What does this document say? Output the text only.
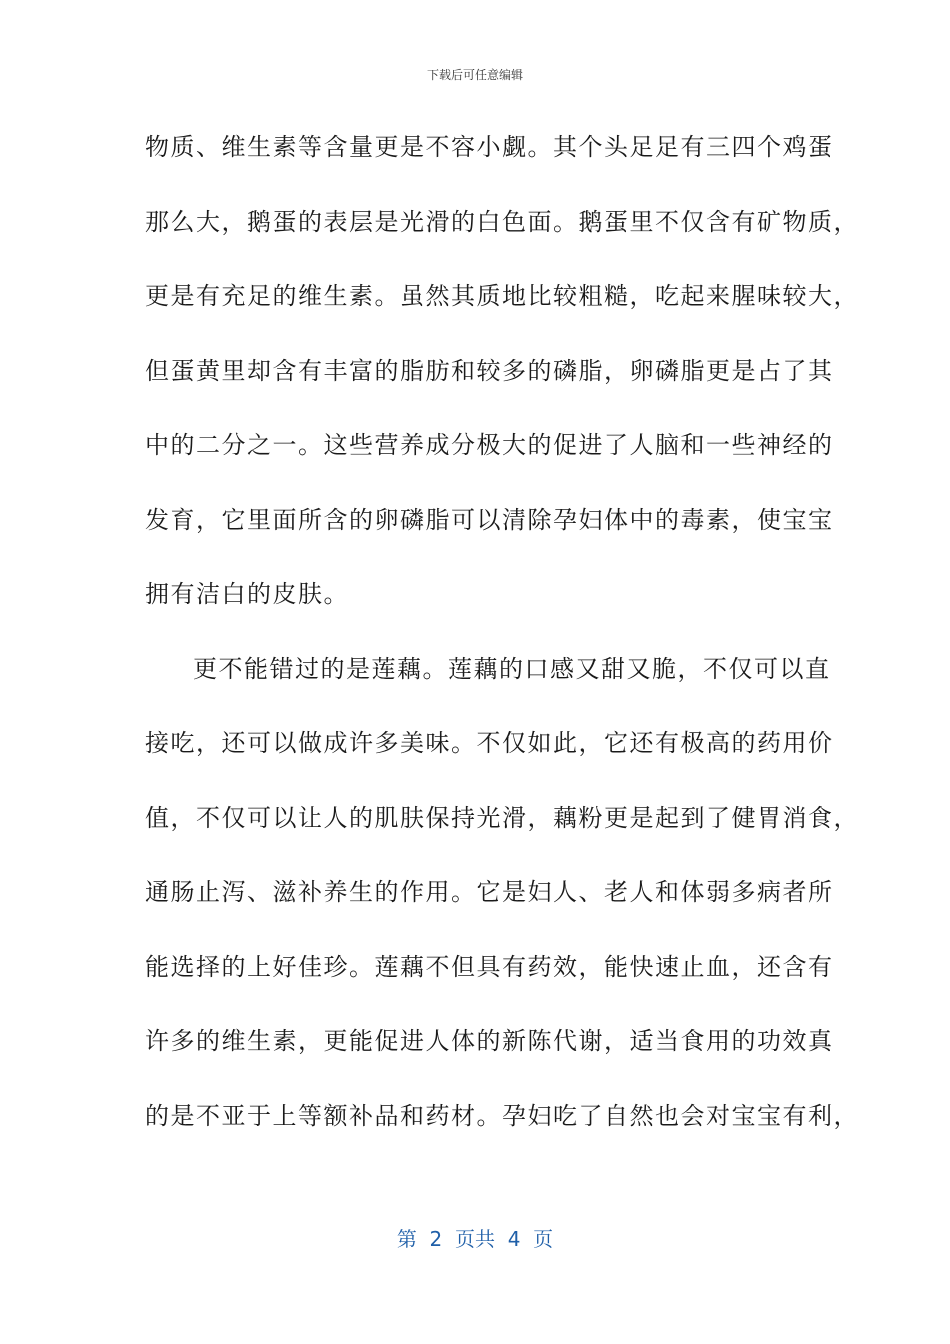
下载后可任意编辑
物质、维生素等含量更是不容小觑。其个头足足有三四个鸡蛋
那么大，鹅蛋的表层是光滑的白色面。鹅蛋里不仅含有矿物质，
更是有充足的维生素。虽然其质地比较粗糙，吃起来腥味较大，
但蛋黄里却含有丰富的脂肪和较多的磷脂，卵磷脂更是占了其
中的二分之一。这些营养成分极大的促进了人脑和一些神经的
发育，它里面所含的卵磷脂可以清除孕妇体中的毒素，使宝宝
拥有洁白的皮肤。
更不能错过的是莲藕。莲藕的口感又甜又脆，不仅可以直
接吃，还可以做成许多美味。不仅如此，它还有极高的药用价
值，不仅可以让人的肌肤保持光滑，藕粉更是起到了健胃消食，
通肠止泻、滋补养生的作用。它是妇人、老人和体弱多病者所
能选择的上好佳珍。莲藕不但具有药效，能快速止血，还含有
许多的维生素，更能促进人体的新陈代谢，适当食用的功效真
的是不亚于上等额补品和药材。孕妇吃了自然也会对宝宝有利，
第  2  页共  4  页
